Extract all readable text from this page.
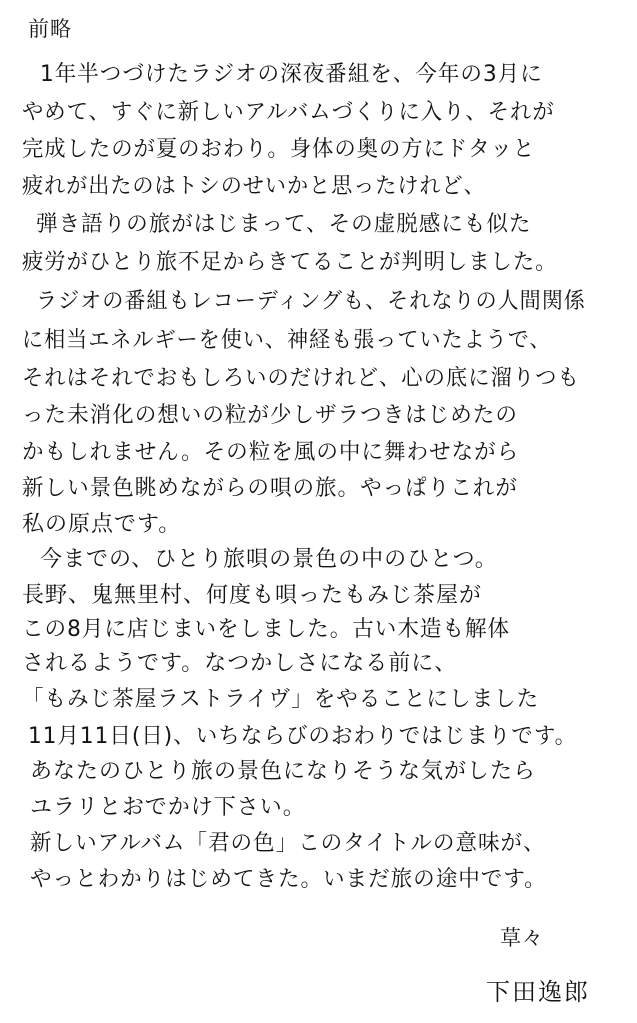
前略
1年半つづけたラジオの深夜番組を、今年の3月に
やめて、すぐに新しいアルバムづくりに入り、それが
完成したのが夏のおわり。身体の奥の方にドタッと
疲れが出たのはトシのせいかと思ったけれど、
弾き語りの旅がはじまって、その虚脱感にも似た
疲労がひとり旅不足からきてることが判明しました。
ラジオの番組もレコーディングも、それなりの人間関係
に相当エネルギーを使い、神経も張っていたようで、
それはそれでおもしろいのだけれど、心の底に溜りつも
った未消化の想いの粒が少しザラつきはじめたの
かもしれません。その粒を風の中に舞わせながら
新しい景色眺めながらの唄の旅。やっぱりこれが
私の原点です。
今までの、ひとり旅唄の景色の中のひとつ。
長野、鬼無里村、何度も唄ったもみじ茶屋が
この8月に店じまいをしました。古い木造も解体
されるようです。なつかしさになる前に、
「もみじ茶屋ラストライヴ」をやることにしました
11月11日(日)、いちならびのおわりではじまりです。
あなたのひとり旅の景色になりそうな気がしたら
ユラリとおでかけ下さい。
新しいアルバム「君の色」このタイトルの意味が、
やっとわかりはじめてきた。いまだ旅の途中です。
草々
下田逸郎
